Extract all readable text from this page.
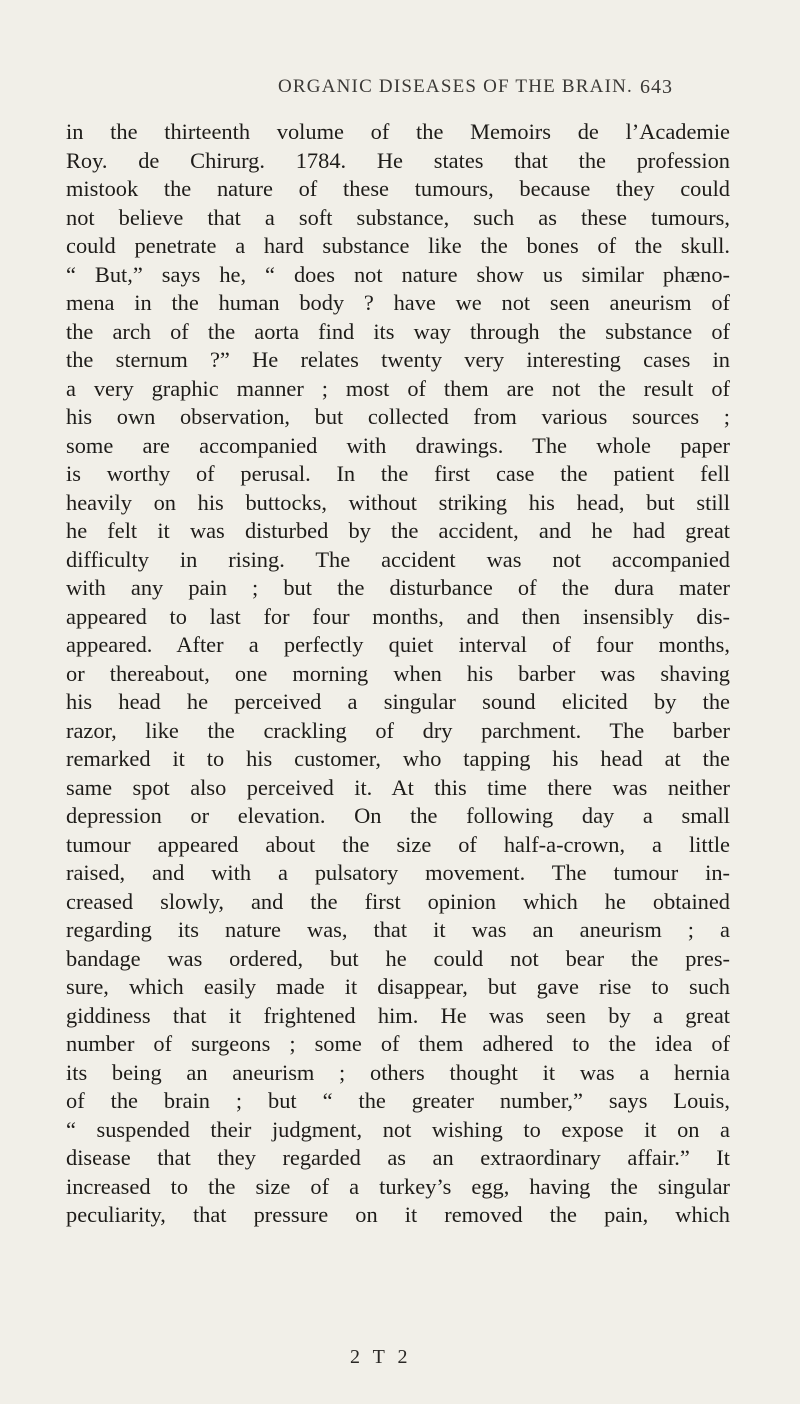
ORGANIC DISEASES OF THE BRAIN. 643
in the thirteenth volume of the Memoirs de l’Academie
Roy. de Chirurg. 1784. He states that the profession
mistook the nature of these tumours, because they could
not believe that a soft substance, such as these tumours,
could penetrate a hard substance like the bones of the skull.
“ But,” says he, “ does not nature show us similar phæno-
mena in the human body ? have we not seen aneurism of
the arch of the aorta find its way through the substance of
the sternum ?” He relates twenty very interesting cases in
a very graphic manner ; most of them are not the result of
his own observation, but collected from various sources ;
some are accompanied with drawings. The whole paper
is worthy of perusal. In the first case the patient fell
heavily on his buttocks, without striking his head, but still
he felt it was disturbed by the accident, and he had great
difficulty in rising. The accident was not accompanied
with any pain ; but the disturbance of the dura mater
appeared to last for four months, and then insensibly dis-
appeared. After a perfectly quiet interval of four months,
or thereabout, one morning when his barber was shaving
his head he perceived a singular sound elicited by the
razor, like the crackling of dry parchment. The barber
remarked it to his customer, who tapping his head at the
same spot also perceived it. At this time there was neither
depression or elevation. On the following day a small
tumour appeared about the size of half-a-crown, a little
raised, and with a pulsatory movement. The tumour in-
creased slowly, and the first opinion which he obtained
regarding its nature was, that it was an aneurism ; a
bandage was ordered, but he could not bear the pres-
sure, which easily made it disappear, but gave rise to such
giddiness that it frightened him. He was seen by a great
number of surgeons ; some of them adhered to the idea of
its being an aneurism ; others thought it was a hernia
of the brain ; but “ the greater number,” says Louis,
“ suspended their judgment, not wishing to expose it on a
disease that they regarded as an extraordinary affair.” It
increased to the size of a turkey’s egg, having the singular
peculiarity, that pressure on it removed the pain, which
2 T 2
